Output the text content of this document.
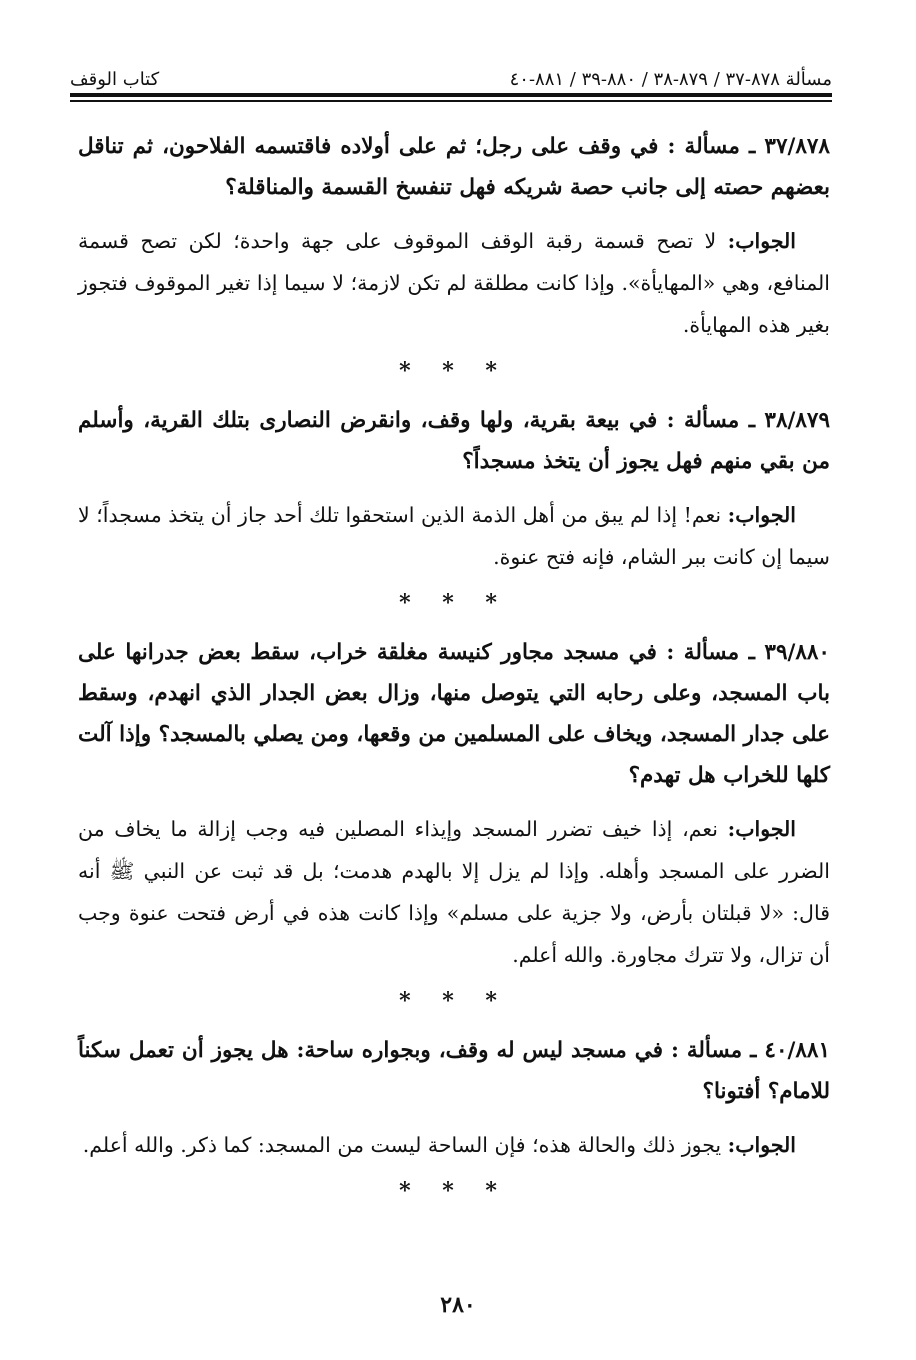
مسألة ٨٧٨-٣٧ / ٨٧٩-٣٨ / ٨٨٠-٣٩ / ٨٨١-٤٠
كتاب الوقف

٣٧/٨٧٨ ـ مسألة : في وقف على رجل؛ ثم على أولاده فاقتسمه الفلاحون، ثم تناقل بعضهم حصته إلى جانب حصة شريكه فهل تنفسخ القسمة والمناقلة؟

الجواب: لا تصح قسمة رقبة الوقف الموقوف على جهة واحدة؛ لكن تصح قسمة المنافع، وهي «المهايأة». وإذا كانت مطلقة لم تكن لازمة؛ لا سيما إذا تغير الموقوف فتجوز بغير هذه المهايأة.

* * *

٣٨/٨٧٩ ـ مسألة : في بيعة بقرية، ولها وقف، وانقرض النصارى بتلك القرية، وأسلم من بقي منهم فهل يجوز أن يتخذ مسجداً؟

الجواب: نعم! إذا لم يبق من أهل الذمة الذين استحقوا تلك أحد جاز أن يتخذ مسجداً؛ لا سيما إن كانت ببر الشام، فإنه فتح عنوة.

* * *

٣٩/٨٨٠ ـ مسألة : في مسجد مجاور كنيسة مغلقة خراب، سقط بعض جدرانها على باب المسجد، وعلى رحابه التي يتوصل منها، وزال بعض الجدار الذي انهدم، وسقط على جدار المسجد، ويخاف على المسلمين من وقعها، ومن يصلي بالمسجد؟ وإذا آلت كلها للخراب هل تهدم؟

الجواب: نعم، إذا خيف تضرر المسجد وإيذاء المصلين فيه وجب إزالة ما يخاف من الضرر على المسجد وأهله. وإذا لم يزل إلا بالهدم هدمت؛ بل قد ثبت عن النبي ﷺ أنه قال: «لا قبلتان بأرض، ولا جزية على مسلم» وإذا كانت هذه في أرض فتحت عنوة وجب أن تزال، ولا تترك مجاورة. والله أعلم.

* * *

٤٠/٨٨١ ـ مسألة : في مسجد ليس له وقف، وبجواره ساحة: هل يجوز أن تعمل سكناً للامام؟ أفتونا؟

الجواب: يجوز ذلك والحالة هذه؛ فإن الساحة ليست من المسجد: كما ذكر. والله أعلم.

* * *
٢٨٠
